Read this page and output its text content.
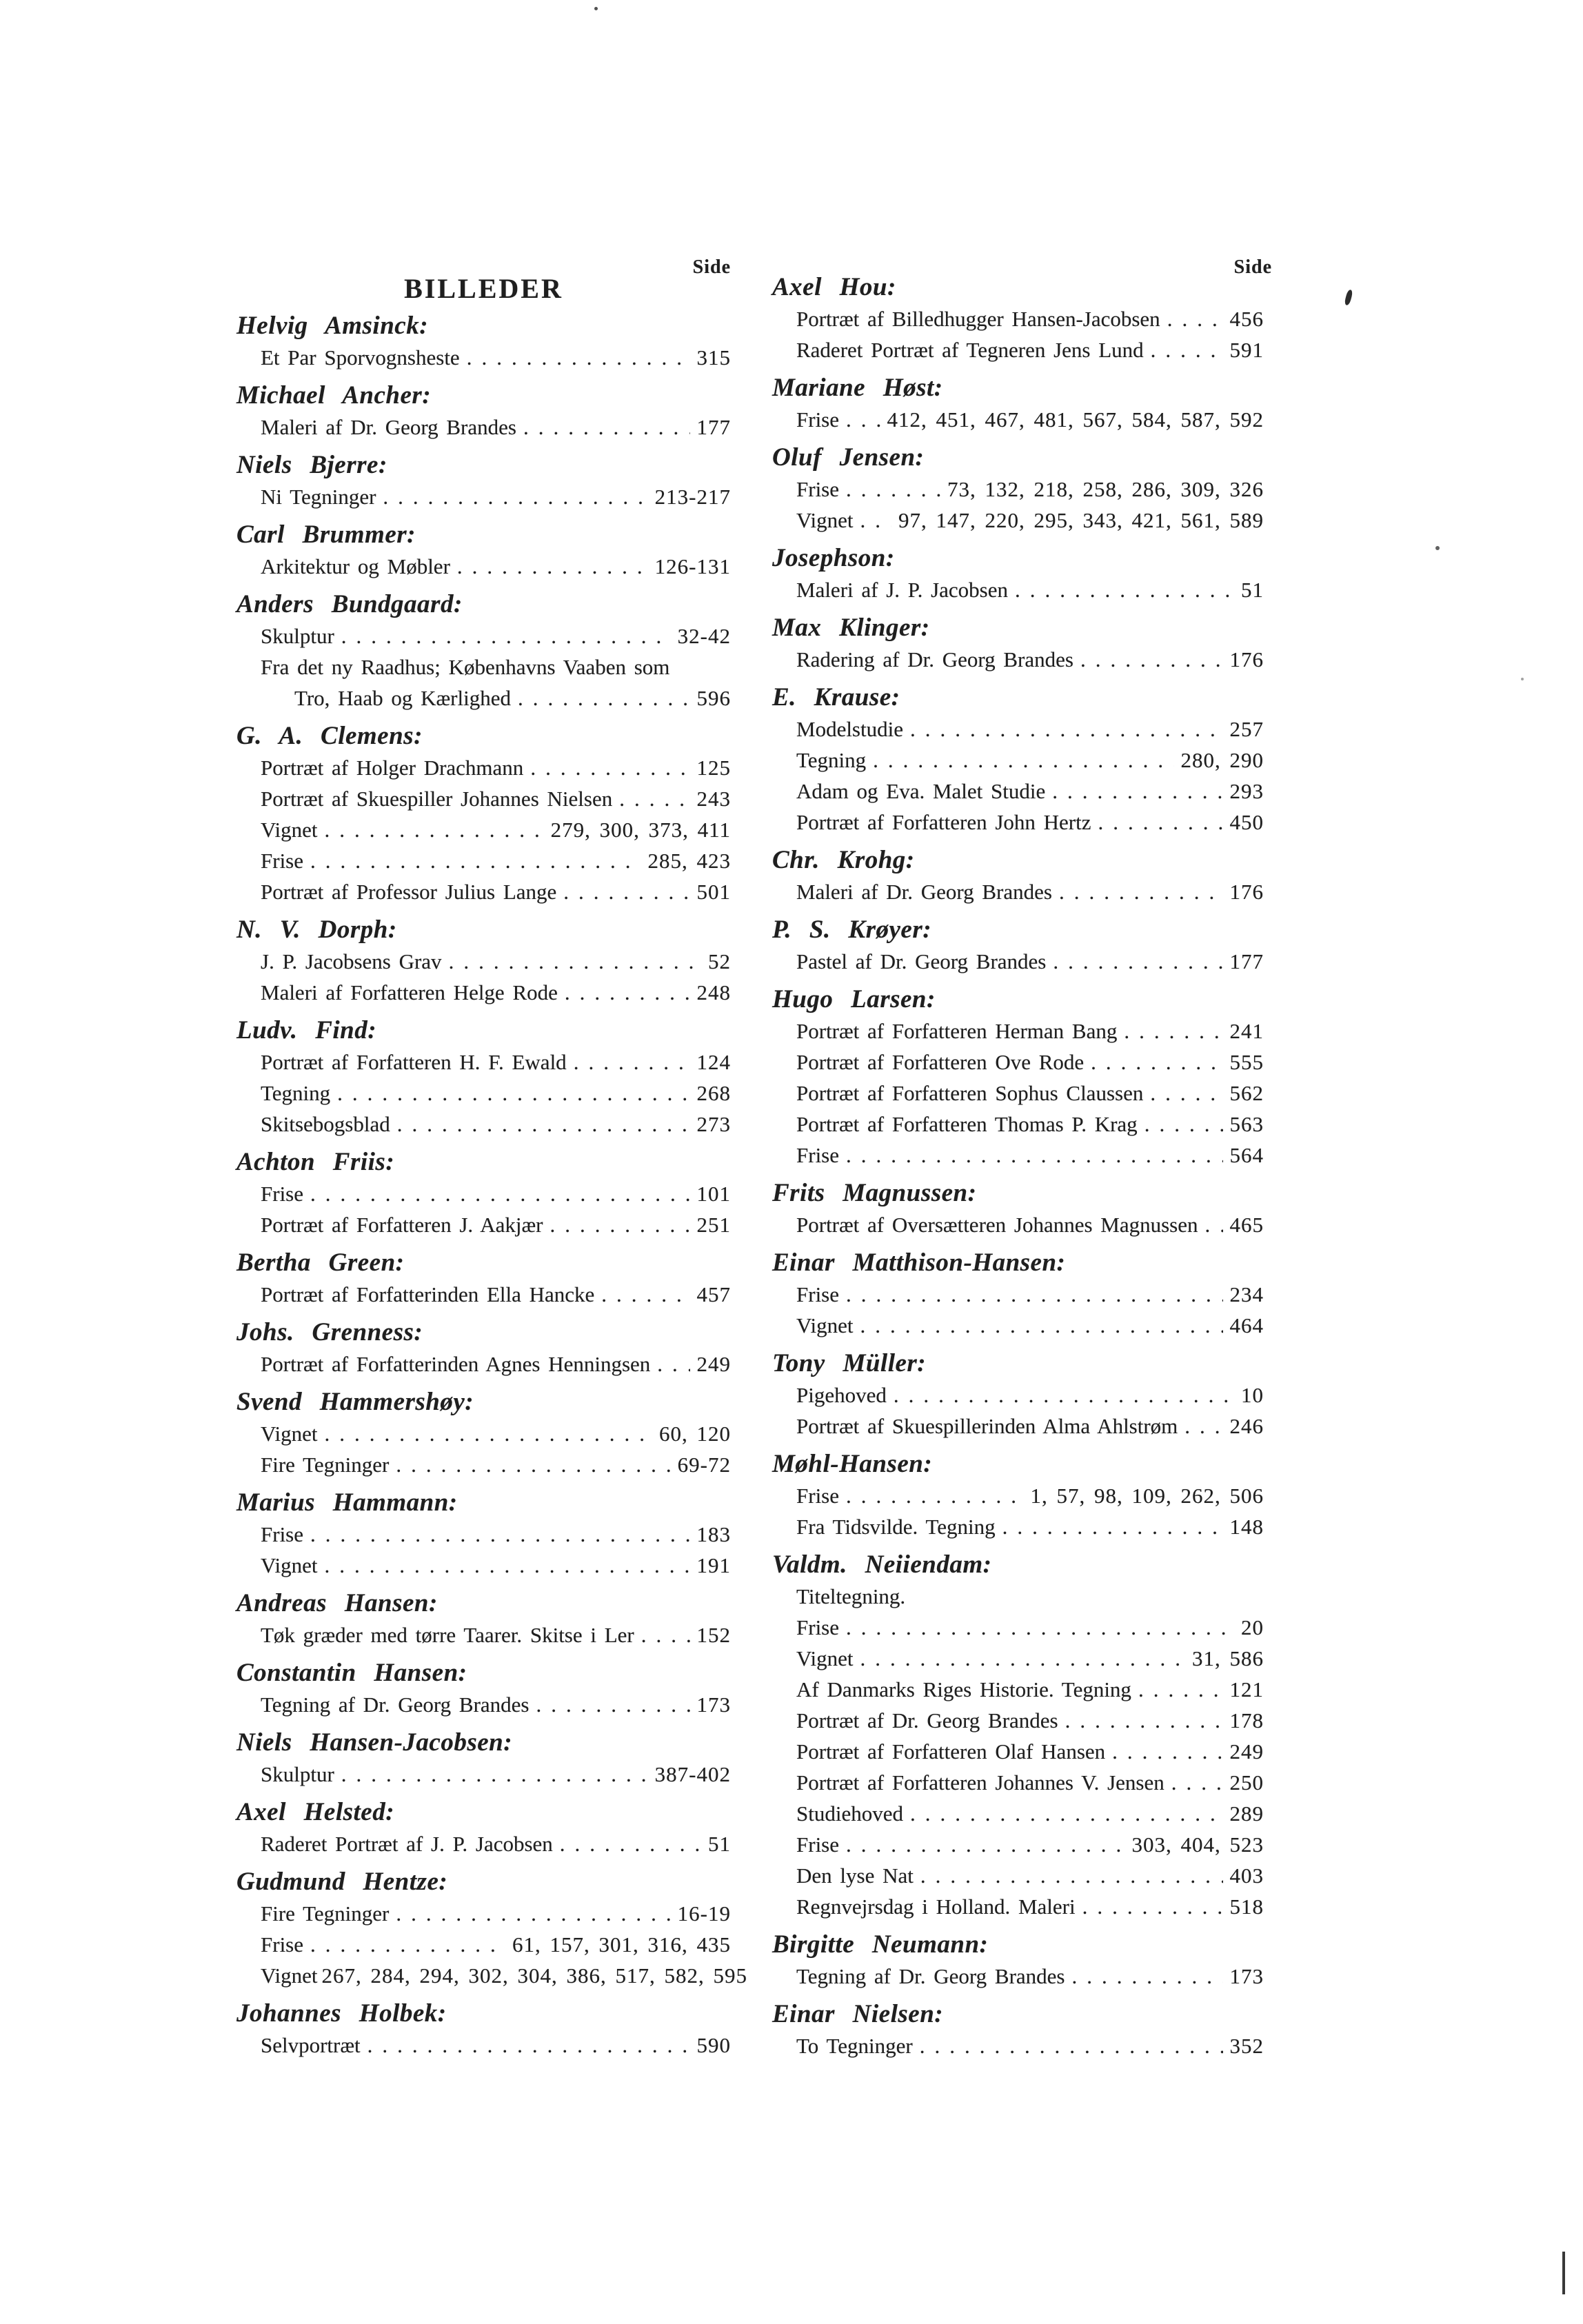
Side	Side
BILLEDER
Helvig Amsinck:
Et Par Sporvognsheste .....	315
Michael Ancher:
Maleri af Dr. Georg Brandes .....	177
Niels Bjerre:
Ni Tegninger .....	213-217
Carl Brummer:
Arkitektur og Møbler .....	126-131
Anders Bundgaard:
Skulptur .....	32-42
Fra det ny Raadhus; Københavns Vaaben som
Tro, Haab og Kærlighed .....	596
G. A. Clemens:
Portræt af Holger Drachmann .....	125
Portræt af Skuespiller Johannes Nielsen .....	243
Vignet .....	279, 300, 373, 411
Frise .....	285, 423
Portræt af Professor Julius Lange .....	501
N. V. Dorph:
J. P. Jacobsens Grav .....	52
Maleri af Forfatteren Helge Rode .....	248
Ludv. Find:
Portræt af Forfatteren H. F. Ewald .....	124
Tegning .....	268
Skitsebogsblad .....	273
Achton Friis:
Frise .....	101
Portræt af Forfatteren J. Aakjær .....	251
Bertha Green:
Portræt af Forfatterinden Ella Hancke .....	457
Johs. Grenness:
Portræt af Forfatterinden Agnes Henningsen ..... 249
Svend Hammershøy:
Vignet .....	60, 120
Fire Tegninger .....	69-72
Marius Hammann:
Frise .....	183
Vignet .....	191
Andreas Hansen:
Tøk græder med tørre Taarer. Skitse i Ler .....	152
Constantin Hansen:
Tegning af Dr. Georg Brandes .....	173
Niels Hansen-Jacobsen:
Skulptur .....	387-402
Axel Helsted:
Raderet Portræt af J. P. Jacobsen .....	51
Gudmund Hentze:
Fire Tegninger .....	16-19
Frise .....	61, 157, 301, 316, 435
Vignet 267, 284, 294, 302, 304, 386, 517, 582, 595
Johannes Holbek:
Selvportræt .....	590
Axel Hou:
Portræt af Billedhugger Hansen-Jacobsen .....	456
Raderet Portræt af Tegneren Jens Lund .....	591
Mariane Høst:
Frise ..... 412, 451, 467, 481, 567, 584, 587, 592
Oluf Jensen:
Frise .....	73, 132, 218, 258, 286, 309, 326
Vignet ..... 97, 147, 220, 295, 343, 421, 561, 589
Josephson:
Maleri af J. P. Jacobsen .....	51
Max Klinger:
Radering af Dr. Georg Brandes .....	176
E. Krause:
Modelstudie .....	257
Tegning .....	280, 290
Adam og Eva. Malet Studie .....	293
Portræt af Forfatteren John Hertz .....	450
Chr. Krohg:
Maleri af Dr. Georg Brandes .....	176
P. S. Krøyer:
Pastel af Dr. Georg Brandes .....	177
Hugo Larsen:
Portræt af Forfatteren Herman Bang .....	241
Portræt af Forfatteren Ove Rode .....	555
Portræt af Forfatteren Sophus Claussen .....	562
Portræt af Forfatteren Thomas P. Krag .....	563
Frise .....	564
Frits Magnussen:
Portræt af Oversætteren Johannes Magnussen ..... 465
Einar Matthison-Hansen:
Frise .....	234
Vignet .....	464
Tony Müller:
Pigehoved .....	10
Portræt af Skuespillerinden Alma Ahlstrøm ..... 246
Møhl-Hansen:
Frise .....	1, 57, 98, 109, 262, 506
Fra Tidsvilde. Tegning .....	148
Valdm. Neiiendam:
Titeltegning.
Frise .....	20
Vignet .....	31, 586
Af Danmarks Riges Historie. Tegning .....	121
Portræt af Dr. Georg Brandes .....	178
Portræt af Forfatteren Olaf Hansen .....	249
Portræt af Forfatteren Johannes V. Jensen .....	250
Studiehoved .....	289
Frise .....	303, 404, 523
Den lyse Nat .....	403
Regnvejrsdag i Holland. Maleri .....	518
Birgitte Neumann:
Tegning af Dr. Georg Brandes .....	173
Einar Nielsen:
To Tegninger .....	352
